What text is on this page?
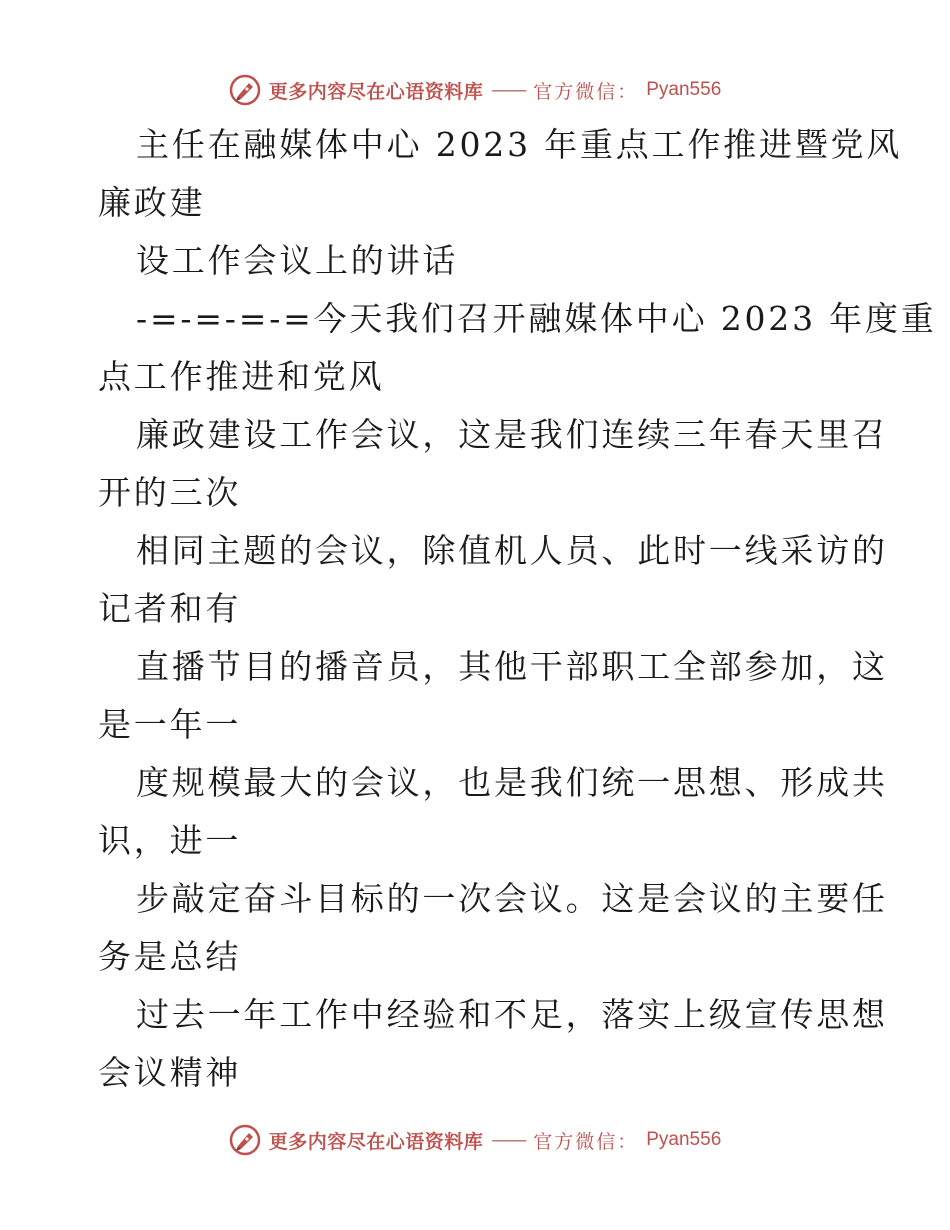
更多内容尽在心语资料库 —— 官方微信： Pyan556
主任在融媒体中心 2023 年重点工作推进暨党风
廉政建
设工作会议上的讲话
-=-=-=-=今天我们召开融媒体中心 2023 年度重
点工作推进和党风
廉政建设工作会议，这是我们连续三年春天里召
开的三次
相同主题的会议，除值机人员、此时一线采访的
记者和有
直播节目的播音员，其他干部职工全部参加，这
是一年一
度规模最大的会议，也是我们统一思想、形成共
识，进一
步敲定奋斗目标的一次会议。这是会议的主要任
务是总结
过去一年工作中经验和不足，落实上级宣传思想
会议精神
更多内容尽在心语资料库 —— 官方微信： Pyan556
